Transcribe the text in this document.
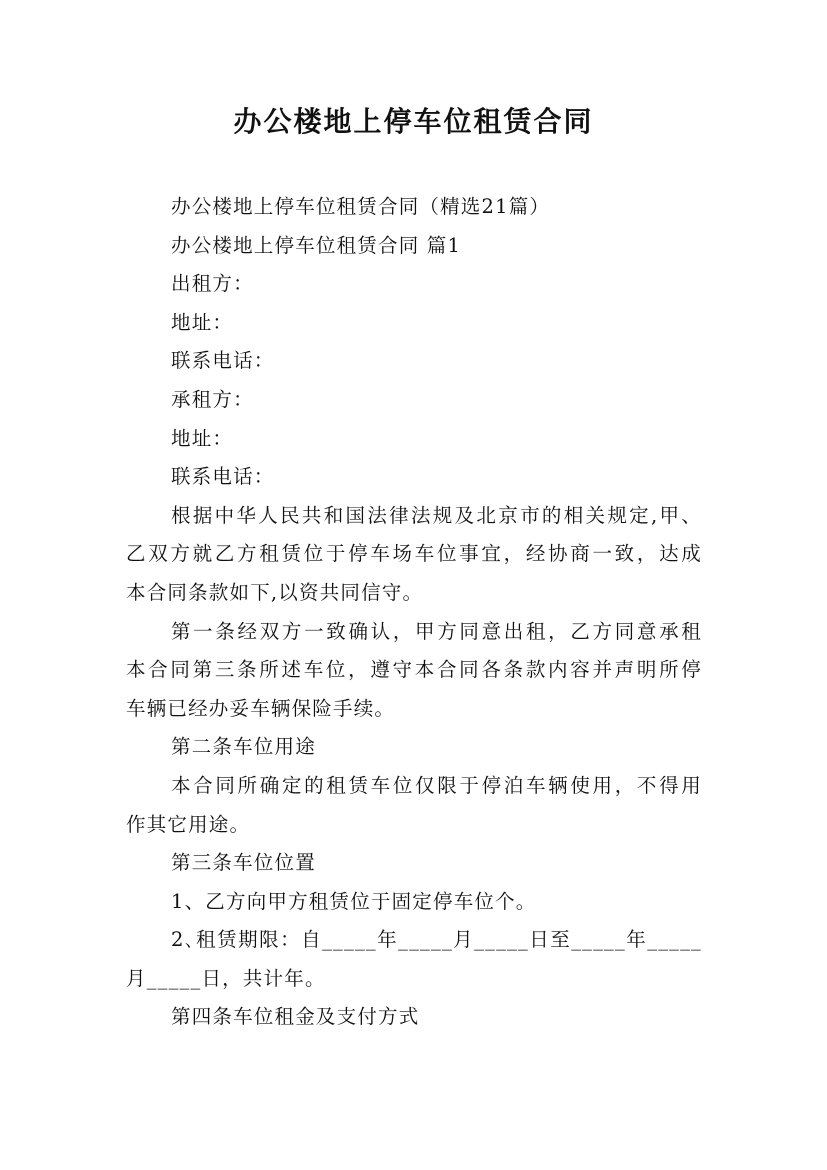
办公楼地上停车位租赁合同

办公楼地上停车位租赁合同（精选21篇）

办公楼地上停车位租赁合同 篇1

出租方：

地址：

联系电话：

承租方：

地址：

联系电话：

根据中华人民共和国法律法规及北京市的相关规定,甲、

乙双方就乙方租赁位于停车场车位事宜，经协商一致，达成

本合同条款如下,以资共同信守。

第一条经双方一致确认，甲方同意出租，乙方同意承租

本合同第三条所述车位，遵守本合同各条款内容并声明所停

车辆已经办妥车辆保险手续。

第二条车位用途

本合同所确定的租赁车位仅限于停泊车辆使用，不得用

作其它用途。

第三条车位位置

1、乙方向甲方租赁位于固定停车位个。

2､租赁期限：自_____年_____月_____日至_____年_____

月_____日，共计年。

第四条车位租金及支付方式
